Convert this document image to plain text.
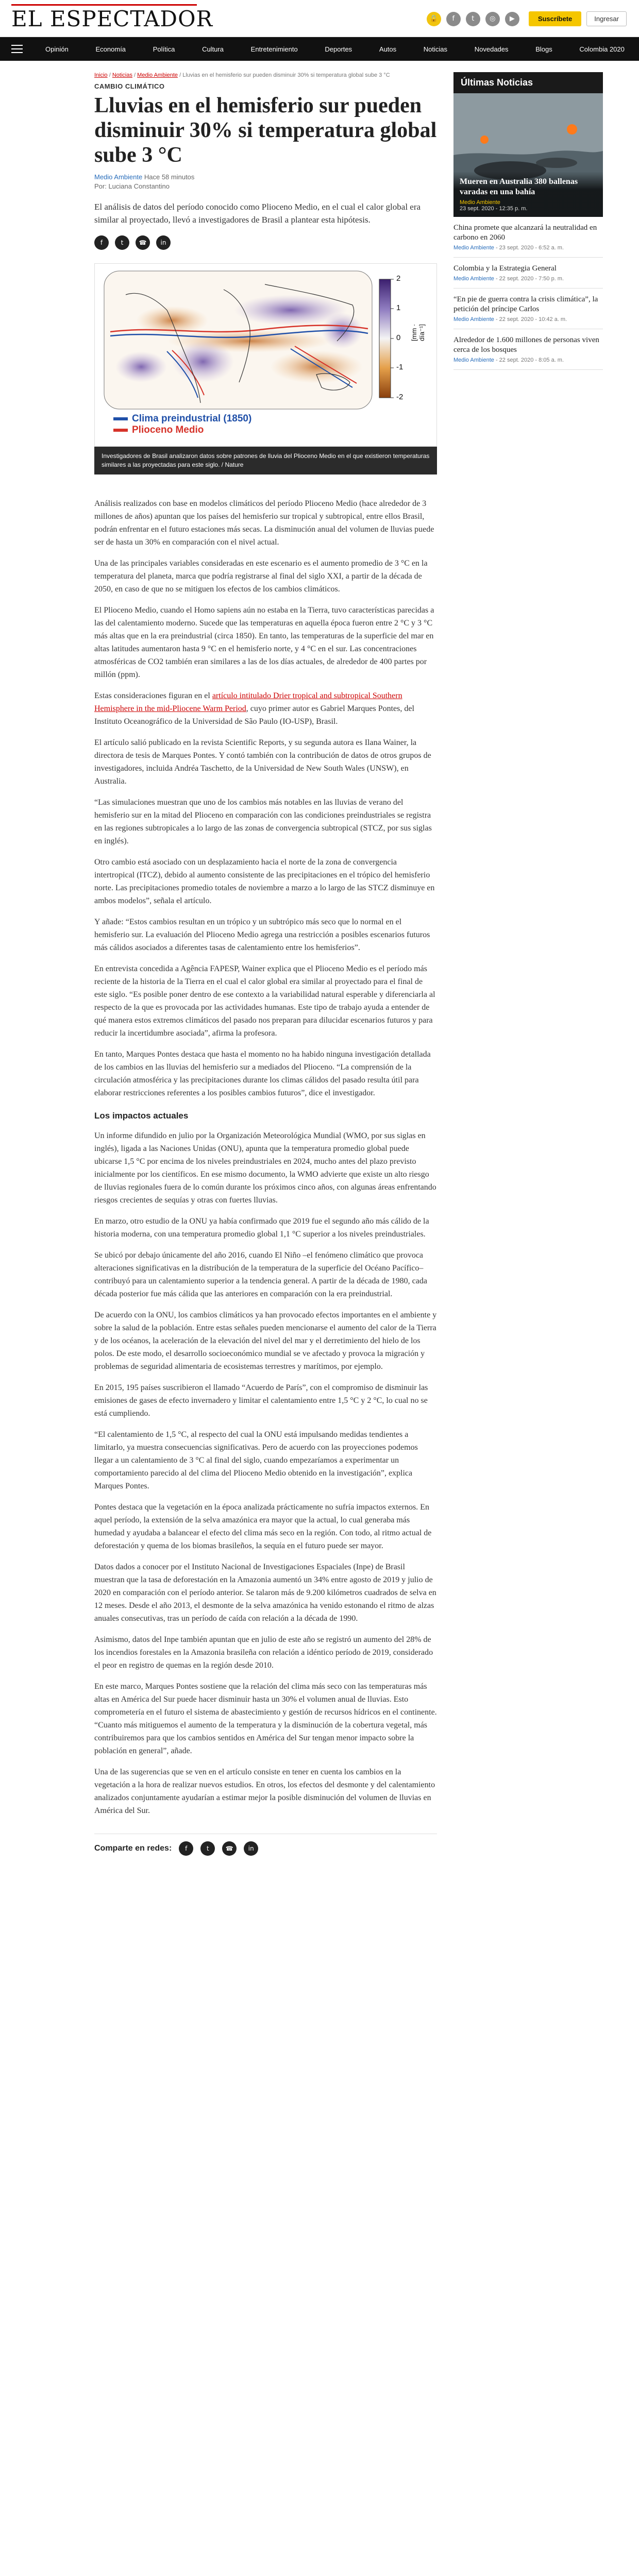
EL ESPECTADOR	🔒	f	t	◎	▶	Suscríbete	Ingresar
Opinión	Economía	Política	Cultura	Entretenimiento	Deportes	Autos	Noticias	Novedades	Blogs	Colombia 2020
Inicio / Noticias / Medio Ambiente / Lluvias en el hemisferio sur pueden disminuir 30% si temperatura global sube 3 °C
CAMBIO CLIMÁTICO
Lluvias en el hemisferio sur pueden disminuir 30% si temperatura global sube 3 °C
Medio Ambiente Hace 58 minutos
Por: Luciana Constantino

El análisis de datos del período conocido como Plioceno Medio, en el cual el calor global era similar al proyectado, llevó a investigadores de Brasil a plantear esta hipótesis.

f	t	☎	in
2
1
0
-1
-2
[mm · día⁻¹]
Clima preindustrial (1850)
Plioceno Medio
Investigadores de Brasil analizaron datos sobre patrones de lluvia del Plioceno Medio en el que existieron temperaturas similares a las proyectadas para este siglo. / Nature

Análisis realizados con base en modelos climáticos del período Plioceno Medio (hace alrededor de 3 millones de años) apuntan que los países del hemisferio sur tropical y subtropical, entre ellos Brasil, podrán enfrentar en el futuro estaciones más secas. La disminución anual del volumen de lluvias puede ser de hasta un 30% en comparación con el nivel actual.

Una de las principales variables consideradas en este escenario es el aumento promedio de 3 °C en la temperatura del planeta, marca que podría registrarse al final del siglo XXI, a partir de la década de 2050, en caso de que no se mitiguen los efectos de los cambios climáticos.

El Plioceno Medio, cuando el Homo sapiens aún no estaba en la Tierra, tuvo características parecidas a las del calentamiento moderno. Sucede que las temperaturas en aquella época fueron entre 2 °C y 3 °C más altas que en la era preindustrial (circa 1850). En tanto, las temperaturas de la superficie del mar en altas latitudes aumentaron hasta 9 °C en el hemisferio norte, y 4 °C en el sur. Las concentraciones atmosféricas de CO2 también eran similares a las de los días actuales, de alrededor de 400 partes por millón (ppm).

Estas consideraciones figuran en el artículo intitulado Drier tropical and subtropical Southern Hemisphere in the mid-Pliocene Warm Period, cuyo primer autor es Gabriel Marques Pontes, del Instituto Oceanográfico de la Universidad de São Paulo (IO-USP), Brasil.

El artículo salió publicado en la revista Scientific Reports, y su segunda autora es Ilana Wainer, la directora de tesis de Marques Pontes. Y contó también con la contribución de datos de otros grupos de investigadores, incluida Andréa Taschetto, de la Universidad de New South Wales (UNSW), en Australia.

“Las simulaciones muestran que uno de los cambios más notables en las lluvias de verano del hemisferio sur en la mitad del Plioceno en comparación con las condiciones preindustriales se registra en las regiones subtropicales a lo largo de las zonas de convergencia subtropical (STCZ, por sus siglas en inglés).

Otro cambio está asociado con un desplazamiento hacia el norte de la zona de convergencia intertropical (ITCZ), debido al aumento consistente de las precipitaciones en el trópico del hemisferio norte. Las precipitaciones promedio totales de noviembre a marzo a lo largo de las STCZ disminuye en ambos modelos”, señala el artículo.

Y añade: “Estos cambios resultan en un trópico y un subtrópico más seco que lo normal en el hemisferio sur. La evaluación del Plioceno Medio agrega una restricción a posibles escenarios futuros más cálidos asociados a diferentes tasas de calentamiento entre los hemisferios”.

En entrevista concedida a Agência FAPESP, Wainer explica que el Plioceno Medio es el período más reciente de la historia de la Tierra en el cual el calor global era similar al proyectado para el final de este siglo. “Es posible poner dentro de ese contexto a la variabilidad natural esperable y diferenciarla al respecto de la que es provocada por las actividades humanas. Este tipo de trabajo ayuda a entender de qué manera estos extremos climáticos del pasado nos preparan para dilucidar escenarios futuros y para reducir la incertidumbre asociada”, afirma la profesora.

En tanto, Marques Pontes destaca que hasta el momento no ha habido ninguna investigación detallada de los cambios en las lluvias del hemisferio sur a mediados del Plioceno. “La comprensión de la circulación atmosférica y las precipitaciones durante los climas cálidos del pasado resulta útil para elaborar restricciones referentes a los posibles cambios futuros”, dice el investigador.

Los impactos actuales

Un informe difundido en julio por la Organización Meteorológica Mundial (WMO, por sus siglas en inglés), ligada a las Naciones Unidas (ONU), apunta que la temperatura promedio global puede ubicarse 1,5 °C por encima de los niveles preindustriales en 2024, mucho antes del plazo previsto inicialmente por los científicos. En ese mismo documento, la WMO advierte que existe un alto riesgo de lluvias regionales fuera de lo común durante los próximos cinco años, con algunas áreas enfrentando riesgos crecientes de sequías y otras con fuertes lluvias.

En marzo, otro estudio de la ONU ya había confirmado que 2019 fue el segundo año más cálido de la historia moderna, con una temperatura promedio global 1,1 °C superior a los niveles preindustriales.

Se ubicó por debajo únicamente del año 2016, cuando El Niño –el fenómeno climático que provoca alteraciones significativas en la distribución de la temperatura de la superficie del Océano Pacífico– contribuyó para un calentamiento superior a la tendencia general. A partir de la década de 1980, cada década posterior fue más cálida que las anteriores en comparación con la era preindustrial.

De acuerdo con la ONU, los cambios climáticos ya han provocado efectos importantes en el ambiente y sobre la salud de la población. Entre estas señales pueden mencionarse el aumento del calor de la Tierra y de los océanos, la aceleración de la elevación del nivel del mar y el derretimiento del hielo de los polos. De este modo, el desarrollo socioeconómico mundial se ve afectado y provoca la migración y problemas de seguridad alimentaria de ecosistemas terrestres y marítimos, por ejemplo.

En 2015, 195 países suscribieron el llamado “Acuerdo de París”, con el compromiso de disminuir las emisiones de gases de efecto invernadero y limitar el calentamiento entre 1,5 °C y 2 °C, lo cual no se está cumpliendo.

“El calentamiento de 1,5 °C, al respecto del cual la ONU está impulsando medidas tendientes a limitarlo, ya muestra consecuencias significativas. Pero de acuerdo con las proyecciones podemos llegar a un calentamiento de 3 °C al final del siglo, cuando empezaríamos a experimentar un comportamiento parecido al del clima del Plioceno Medio obtenido en la investigación”, explica Marques Pontes.

Pontes destaca que la vegetación en la época analizada prácticamente no sufría impactos externos. En aquel período, la extensión de la selva amazónica era mayor que la actual, lo cual generaba más humedad y ayudaba a balancear el efecto del clima más seco en la región. Con todo, al ritmo actual de deforestación y quema de los biomas brasileños, la sequía en el futuro puede ser mayor.

Datos dados a conocer por el Instituto Nacional de Investigaciones Espaciales (Inpe) de Brasil muestran que la tasa de deforestación en la Amazonia aumentó un 34% entre agosto de 2019 y julio de 2020 en comparación con el período anterior. Se talaron más de 9.200 kilómetros cuadrados de selva en 12 meses. Desde el año 2013, el desmonte de la selva amazónica ha venido estonando el ritmo de alzas anuales consecutivas, tras un período de caída con relación a la década de 1990.

Asimismo, datos del Inpe también apuntan que en julio de este año se registró un aumento del 28% de los incendios forestales en la Amazonia brasileña con relación a idéntico período de 2019, considerado el peor en registro de quemas en la región desde 2010.

En este marco, Marques Pontes sostiene que la relación del clima más seco con las temperaturas más altas en América del Sur puede hacer disminuir hasta un 30% el volumen anual de lluvias. Esto comprometería en el futuro el sistema de abastecimiento y gestión de recursos hídricos en el continente. “Cuanto más mitiguemos el aumento de la temperatura y la disminución de la cobertura vegetal, más contribuiremos para que los cambios sentidos en América del Sur tengan menor impacto sobre la población en general”, añade.

Una de las sugerencias que se ven en el artículo consiste en tener en cuenta los cambios en la vegetación a la hora de realizar nuevos estudios. En otros, los efectos del desmonte y del calentamiento analizados conjuntamente ayudarían a estimar mejor la posible disminución del volumen de lluvias en América del Sur.

Comparte en redes:	f	t	☎	in
Últimas Noticias
Mueren en Australia 380 ballenas varadas en una bahía
Medio Ambiente
23 sept. 2020 - 12:35 p. m.
China promete que alcanzará la neutralidad en carbono en 2060
Medio Ambiente - 23 sept. 2020 - 6:52 a. m.
Colombia y la Estrategia General
Medio Ambiente - 22 sept. 2020 - 7:50 p. m.
“En pie de guerra contra la crisis climática”, la petición del príncipe Carlos
Medio Ambiente - 22 sept. 2020 - 10:42 a. m.
Alrededor de 1.600 millones de personas viven cerca de los bosques
Medio Ambiente - 22 sept. 2020 - 8:05 a. m.
